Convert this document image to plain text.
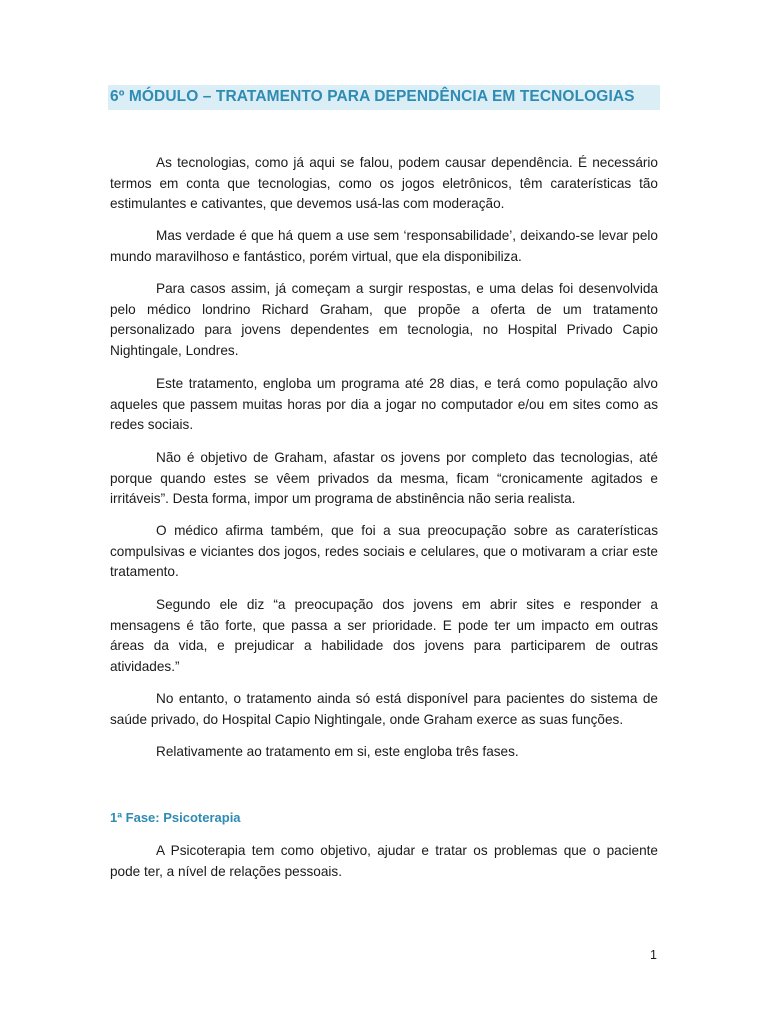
6º MÓDULO – TRATAMENTO PARA DEPENDÊNCIA EM TECNOLOGIAS

As tecnologias, como já aqui se falou, podem causar dependência. É necessário termos em conta que tecnologias, como os jogos eletrônicos, têm caraterísticas tão estimulantes e cativantes, que devemos usá-las com moderação.

Mas verdade é que há quem a use sem ‘responsabilidade’, deixando-se levar pelo mundo maravilhoso e fantástico, porém virtual, que ela disponibiliza.

Para casos assim, já começam a surgir respostas, e uma delas foi desenvolvida pelo médico londrino Richard Graham, que propõe a oferta de um tratamento personalizado para jovens dependentes em tecnologia, no Hospital Privado Capio Nightingale, Londres.

Este tratamento, engloba um programa até 28 dias, e terá como população alvo aqueles que passem muitas horas por dia a jogar no computador e/ou em sites como as redes sociais.

Não é objetivo de Graham, afastar os jovens por completo das tecnologias, até porque quando estes se vêem privados da mesma, ficam “cronicamente agitados e irritáveis”. Desta forma, impor um programa de abstinência não seria realista.

O médico afirma também, que foi a sua preocupação sobre as caraterísticas compulsivas e viciantes dos jogos, redes sociais e celulares, que o motivaram a criar este tratamento.

Segundo ele diz “a preocupação dos jovens em abrir sites e responder a mensagens é tão forte, que passa a ser prioridade. E pode ter um impacto em outras áreas da vida, e prejudicar a habilidade dos jovens para participarem de outras atividades.”

No entanto, o tratamento ainda só está disponível para pacientes do sistema de saúde privado, do Hospital Capio Nightingale, onde Graham exerce as suas funções.

Relativamente ao tratamento em si, este engloba três fases.

1ª Fase: Psicoterapia

A Psicoterapia tem como objetivo, ajudar e tratar os problemas que o paciente pode ter, a nível de relações pessoais.

1
